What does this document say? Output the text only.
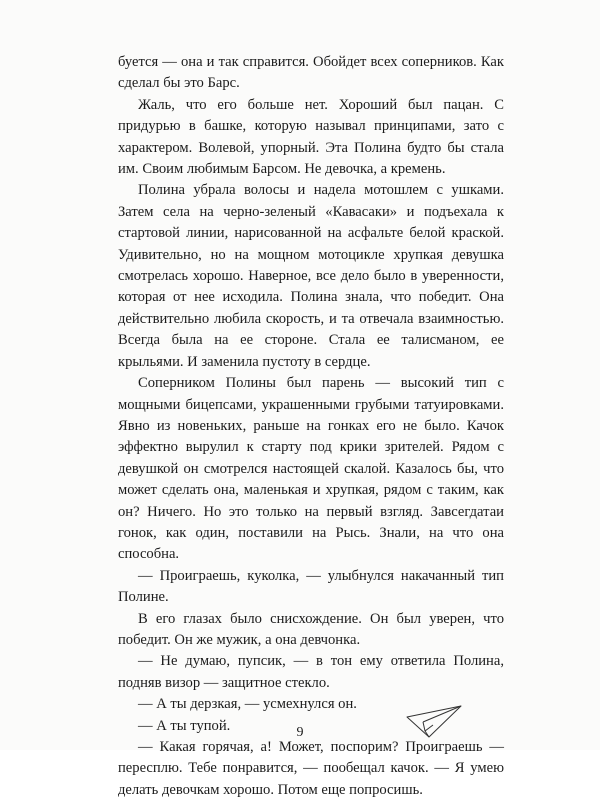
буется — она и так справится. Обойдет всех соперников. Как сделал бы это Барс.

Жаль, что его больше нет. Хороший был пацан. С придурью в башке, которую называл принципами, зато с характером. Волевой, упорный. Эта Полина будто бы стала им. Своим любимым Барсом. Не девочка, а кремень.

Полина убрала волосы и надела мотошлем с ушками. Затем села на черно-зеленый «Кавасаки» и подъехала к стартовой линии, нарисованной на асфальте белой краской. Удивительно, но на мощном мотоцикле хрупкая девушка смотрелась хорошо. Наверное, все дело было в уверенности, которая от нее исходила. Полина знала, что победит. Она действительно любила скорость, и та отвечала взаимностью. Всегда была на ее стороне. Стала ее талисманом, ее крыльями. И заменила пустоту в сердце.

Соперником Полины был парень — высокий тип с мощными бицепсами, украшенными грубыми татуировками. Явно из новеньких, раньше на гонках его не было. Качок эффектно вырулил к старту под крики зрителей. Рядом с девушкой он смотрелся настоящей скалой. Казалось бы, что может сделать она, маленькая и хрупкая, рядом с таким, как он? Ничего. Но это только на первый взгляд. Завсегдатаи гонок, как один, поставили на Рысь. Знали, на что она способна.

— Проиграешь, куколка, — улыбнулся накачанный тип Полине.

В его глазах было снисхождение. Он был уверен, что победит. Он же мужик, а она девчонка.

— Не думаю, пупсик, — в тон ему ответила Полина, подняв визор — защитное стекло.

— А ты дерзкая, — усмехнулся он.

— А ты тупой.

— Какая горячая, а! Может, поспорим? Проиграешь — пересплю. Тебе понравится, — пообещал качок. — Я умею делать девочкам хорошо. Потом еще попросишь.

9
